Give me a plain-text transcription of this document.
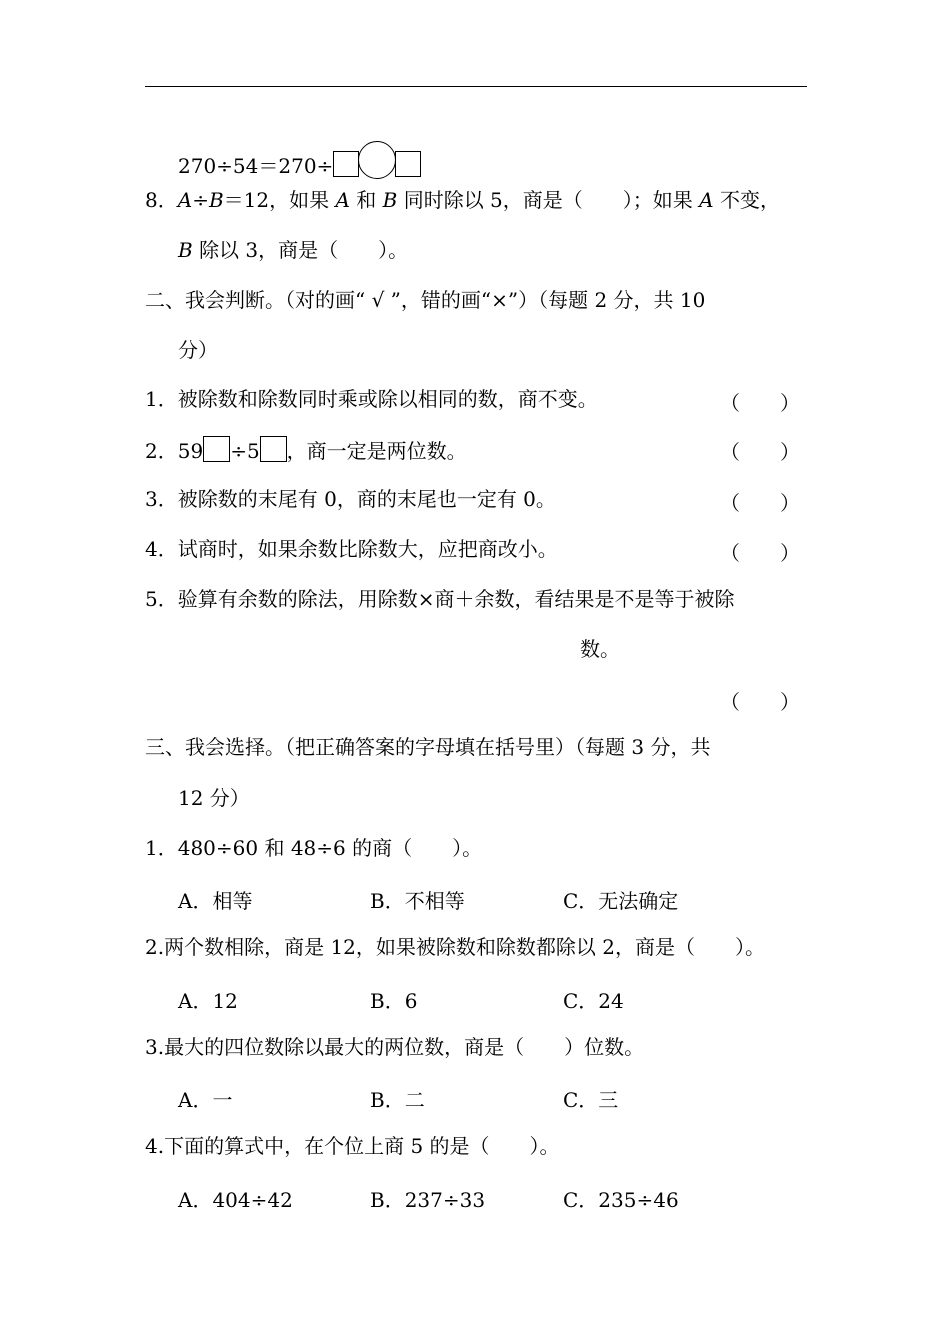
270÷54＝270÷
8．A÷B＝12，如果 A 和 B 同时除以 5，商是（　　）；如果 A 不变，
B 除以 3，商是（　　）。
二、我会判断。（对的画“ √ ”，错的画“×”）（每题 2 分，共 10
分）
1．被除数和除数同时乘或除以相同的数，商不变。	（　　）
2．59 ÷5 ，商一定是两位数。	（　　）
3．被除数的末尾有 0，商的末尾也一定有 0。	（　　）
4．试商时，如果余数比除数大，应把商改小。	（　　）
5．验算有余数的除法，用除数×商＋余数，看结果是不是等于被除
数。
（　　）
三、我会选择。（把正确答案的字母填在括号里）（每题 3 分，共
12 分）
1．480÷60 和 48÷6 的商（　　）。
A．相等	B．不相等	C．无法确定
2.两个数相除，商是 12，如果被除数和除数都除以 2，商是（　　）。
A．12	B．6	C．24
3.最大的四位数除以最大的两位数，商是（　　）位数。
A．一	B．二	C．三
4.下面的算式中，在个位上商 5 的是（　　）。
A．404÷42	B．237÷33	C．235÷46
